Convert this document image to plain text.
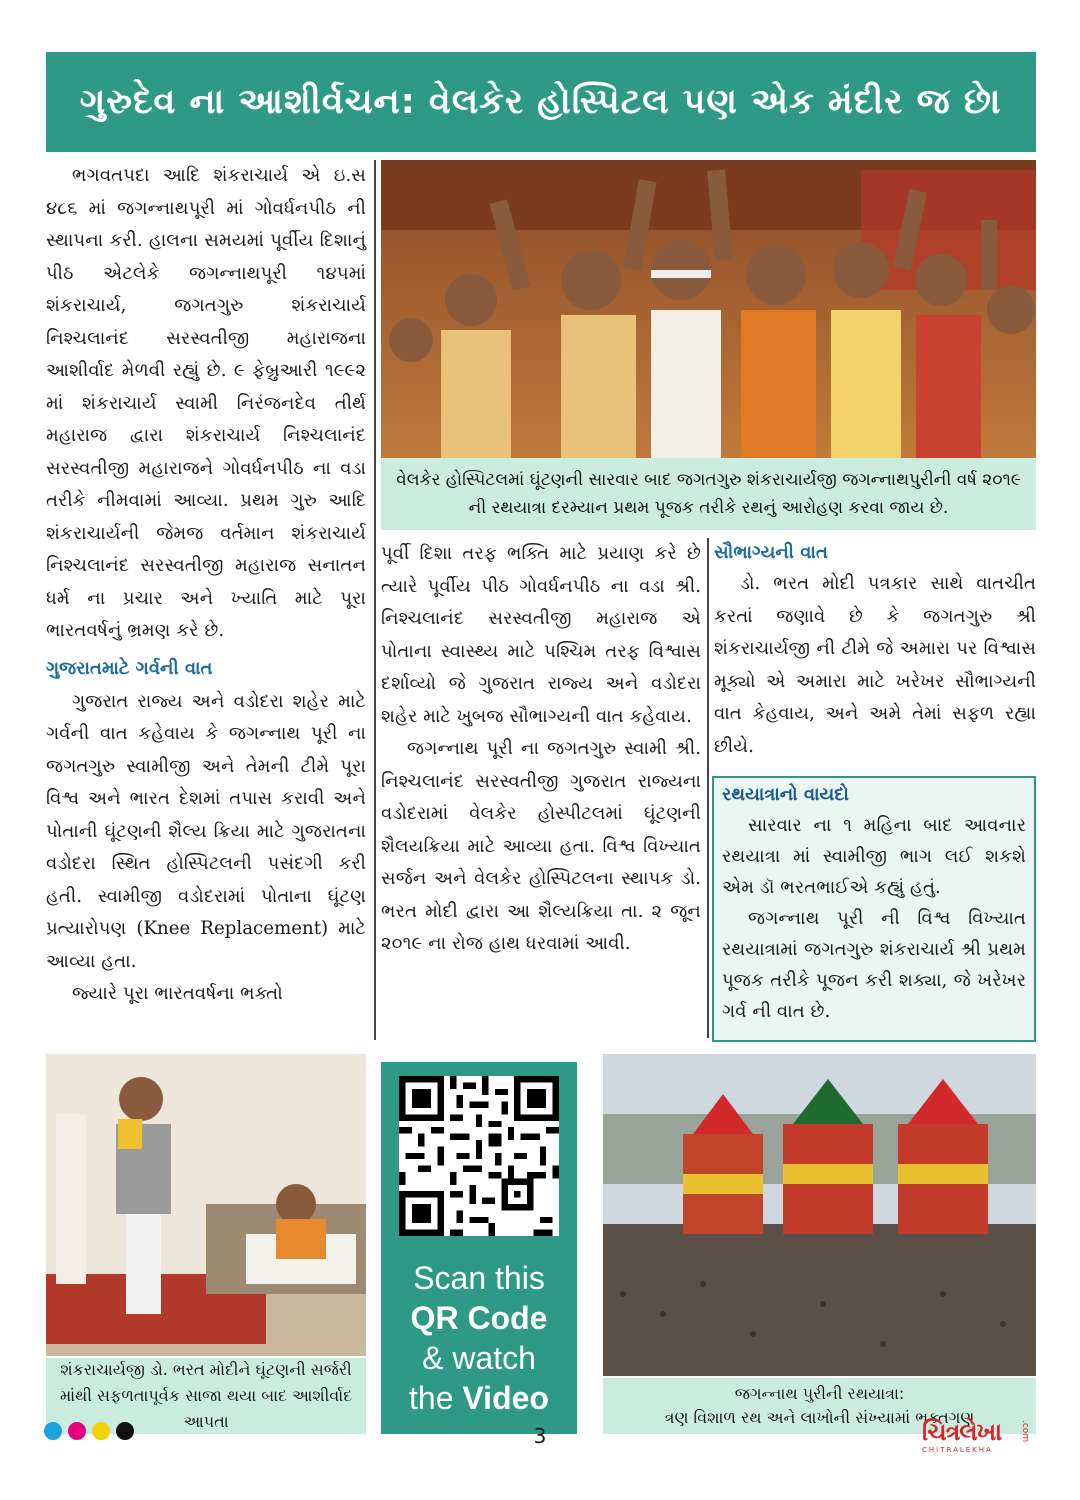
ગુરુદેવ ના આશીર્વચન: વેલકેર હોસ્પિટલ પણ એક મંદીર જ છે।

ભગવતપદા આદિ શંકરાચાર્ય એ ઇ.સ ૪૮૬ માં જગન્નાથપૂરી માં ગોવર્ધનપીઠ ની સ્થાપના કરી. હાલના સમયમાં પૂર્વીય દિશાનું પીઠ એટલેકે જગન્નાથપૂરી ૧૪૫માં શંકરાચાર્ય, જગતગુરુ શંકરાચાર્ય નિશ્ચલાનંદ સરસ્વતીજી મહારાજના આશીર્વાદ મેળવી રહ્યું છે. ૯ ફેબ્રુઆરી ૧૯૯૨ માં શંકરાચાર્ય સ્વામી નિરંજનદેવ તીર્થ મહારાજ દ્વારા શંકરાચાર્ય નિશ્ચલાનંદ સરસ્વતીજી મહારાજને ગોવર્ધનપીઠ ના વડા તરીકે નીમવામાં આવ્યા. પ્રથમ ગુરુ આદિ શંકરાચાર્યની જેમજ વર્તમાન શંકરાચાર્ય નિશ્ચલાનંદ સરસ્વતીજી મહારાજ સનાતન ધર્મ ના પ્રચાર અને ખ્યાતિ માટે પૂરા ભારતવર્ષનું ભ્રમણ કરે છે.

ગુજરાતમાટે ગર્વની વાત

ગુજરાત રાજ્ય અને વડોદરા શહેર માટે ગર્વની વાત કહેવાય કે જગન્નાથ પૂરી ના જગતગુરુ સ્વામીજી અને તેમની ટીમે પૂરા વિશ્વ અને ભારત દેશમાં તપાસ કરાવી અને પોતાની ઘૂંટણની શૈલ્ય ક્રિયા માટે ગુજરાતના વડોદરા સ્થિત હોસ્પિટલની પસંદગી કરી હતી. સ્વામીજી વડોદરામાં પોતાના ઘૂંટણ પ્રત્યારોપણ (Knee Replacement) માટે આવ્યા હતા.

જ્યારે પૂરા ભારતવર્ષના ભક્તો

વેલકેર હોસ્પિટલમાં ઘૂંટણની સારવાર બાદ જગતગુરુ શંકરાચાર્યજી જગન્નાથપુરીની વર્ષ ૨૦૧૯ ની રથયાત્રા દરમ્યાન પ્રથમ પૂજક તરીકે રથનું આરોહણ કરવા જાય છે.

પૂર્વી દિશા તરફ ભક્તિ માટે પ્રયાણ કરે છે ત્યારે પૂર્વીય પીઠ ગોવર્ધનપીઠ ના વડા શ્રી. નિશ્ચલાનંદ સરસ્વતીજી મહારાજ એ પોતાના સ્વાસ્થ્ય માટે પશ્ચિમ તરફ વિશ્વાસ દર્શાવ્યો જે ગુજરાત રાજ્ય અને વડોદરા શહેર માટે ખુબજ સૌભાગ્યની વાત કહેવાય.

જગન્નાથ પૂરી ના જગતગુરુ સ્વામી શ્રી. નિશ્ચલાનંદ સરસ્વતીજી ગુજરાત રાજ્યના વડોદરામાં વેલકેર હોસ્પીટલમાં ઘૂંટણની શૈલયક્રિયા માટે આવ્યા હતા. વિશ્વ વિખ્યાત સર્જન અને વેલકેર હોસ્પિટલના સ્થાપક ડો. ભરત મોદી દ્વારા આ શૈલ્યક્રિયા તા. ૨ જૂન ૨૦૧૯ ના રોજ હાથ ધરવામાં આવી.

સૌભાગ્યની વાત

ડો. ભરત મોદી પત્રકાર સાથે વાતચીત કરતાં જણાવે છે કે જગતગુરુ શ્રી શંકરાચાર્યજી ની ટીમે જે અમારા પર વિશ્વાસ મૂક્યો એ અમારા માટે ખરેખર સૌભાગ્યની વાત કેહવાય, અને અમે તેમાં સફળ રહ્યા છીયે.

રથયાત્રાનો વાયદો

સારવાર ના ૧ મહિના બાદ આવનાર રથયાત્રા માં સ્વામીજી ભાગ લઈ શકશે એમ ડૉ ભરતભાઈએ કહ્યું હતું.

જગન્નાથ પૂરી ની વિશ્વ વિખ્યાત રથયાત્રામાં જગતગુરુ શંકરાચાર્ય શ્રી પ્રથમ પૂજક તરીકે પૂજન કરી શક્યા, જે ખરેખર ગર્વ ની વાત છે.

શંકરાચાર્યજી ડો. ભરત મોદીને ઘૂંટણની સર્જરી માંથી સફળતાપૂર્વક સાજા થયા બાદ આશીર્વાદ આપતા
Scan this
QR Code
& watch
the Video	જગન્નાથ પુરીની રથયાત્રા:
ત્રણ વિશાળ રથ અને લાખોની સંખ્યામાં ભક્તગણ
3	ચિત્રલેખા
CHITRALEKHA
.com
